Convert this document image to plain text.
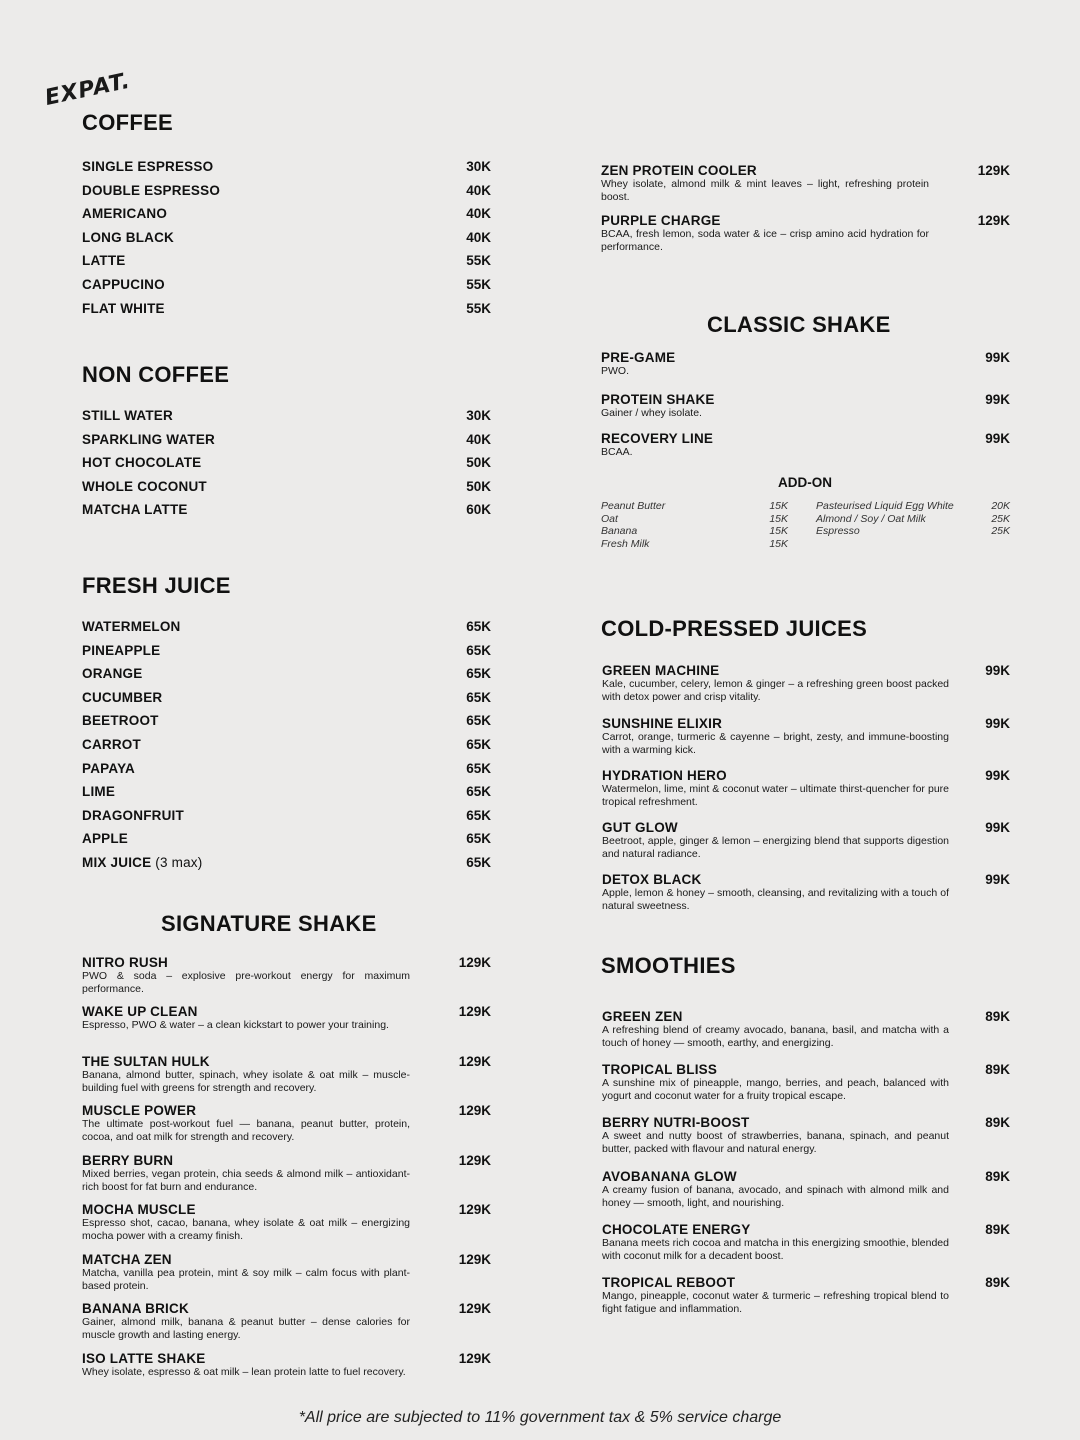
EXPAT.
COFFEE
SINGLE ESPRESSO	30K
DOUBLE ESPRESSO	40K
AMERICANO	40K
LONG BLACK	40K
LATTE	55K
CAPPUCINO	55K
FLAT WHITE	55K
NON COFFEE
STILL WATER	30K
SPARKLING WATER	40K
HOT CHOCOLATE	50K
WHOLE COCONUT	50K
MATCHA LATTE	60K
FRESH JUICE
WATERMELON	65K
PINEAPPLE	65K
ORANGE	65K
CUCUMBER	65K
BEETROOT	65K
CARROT	65K
PAPAYA	65K
LIME	65K
DRAGONFRUIT	65K
APPLE	65K
MIX JUICE (3 max)	65K
SIGNATURE SHAKE
NITRO RUSH	129K
PWO & soda – explosive pre-workout energy for maximum performance.
WAKE UP CLEAN	129K
Espresso, PWO & water – a clean kickstart to power your training.
THE SULTAN HULK	129K
Banana, almond butter, spinach, whey isolate & oat milk – muscle-building fuel with greens for strength and recovery.
MUSCLE POWER	129K
The ultimate post-workout fuel — banana, peanut butter, protein, cocoa, and oat milk for strength and recovery.
BERRY BURN	129K
Mixed berries, vegan protein, chia seeds & almond milk – antioxidant-rich boost for fat burn and endurance.
MOCHA MUSCLE	129K
Espresso shot, cacao, banana, whey isolate & oat milk – energizing mocha power with a creamy finish.
MATCHA ZEN	129K
Matcha, vanilla pea protein, mint & soy milk – calm focus with plant-based protein.
BANANA BRICK	129K
Gainer, almond milk, banana & peanut butter – dense calories for muscle growth and lasting energy.
ISO LATTE SHAKE	129K
Whey isolate, espresso & oat milk – lean protein latte to fuel recovery.
ZEN PROTEIN COOLER	129K
Whey isolate, almond milk & mint leaves – light, refreshing protein boost.
PURPLE CHARGE	129K
BCAA, fresh lemon, soda water & ice – crisp amino acid hydration for performance.
CLASSIC SHAKE
PRE-GAME	99K
PWO.
PROTEIN SHAKE	99K
Gainer / whey isolate.
RECOVERY LINE	99K
BCAA.
ADD-ON
Peanut Butter	15K
Oat	15K
Banana	15K
Fresh Milk	15K
Pasteurised Liquid Egg White	20K
Almond / Soy / Oat Milk	25K
Espresso	25K
COLD-PRESSED JUICES
GREEN MACHINE	99K
Kale, cucumber, celery, lemon & ginger – a refreshing green boost packed with detox power and crisp vitality.
SUNSHINE ELIXIR	99K
Carrot, orange, turmeric & cayenne – bright, zesty, and immune-boosting with a warming kick.
HYDRATION HERO	99K
Watermelon, lime, mint & coconut water – ultimate thirst-quencher for pure tropical refreshment.
GUT GLOW	99K
Beetroot, apple, ginger & lemon – energizing blend that supports digestion and natural radiance.
DETOX BLACK	99K
Apple, lemon & honey – smooth, cleansing, and revitalizing with a touch of natural sweetness.
SMOOTHIES
GREEN ZEN	89K
A refreshing blend of creamy avocado, banana, basil, and matcha with a touch of honey — smooth, earthy, and energizing.
TROPICAL BLISS	89K
A sunshine mix of pineapple, mango, berries, and peach, balanced with yogurt and coconut water for a fruity tropical escape.
BERRY NUTRI-BOOST	89K
A sweet and nutty boost of strawberries, banana, spinach, and peanut butter, packed with flavour and natural energy.
AVOBANANA GLOW	89K
A creamy fusion of banana, avocado, and spinach with almond milk and honey — smooth, light, and nourishing.
CHOCOLATE ENERGY	89K
Banana meets rich cocoa and matcha in this energizing smoothie, blended with coconut milk for a decadent boost.
TROPICAL REBOOT	89K
Mango, pineapple, coconut water & turmeric – refreshing tropical blend to fight fatigue and inflammation.
*All price are subjected to 11% government tax & 5% service charge
